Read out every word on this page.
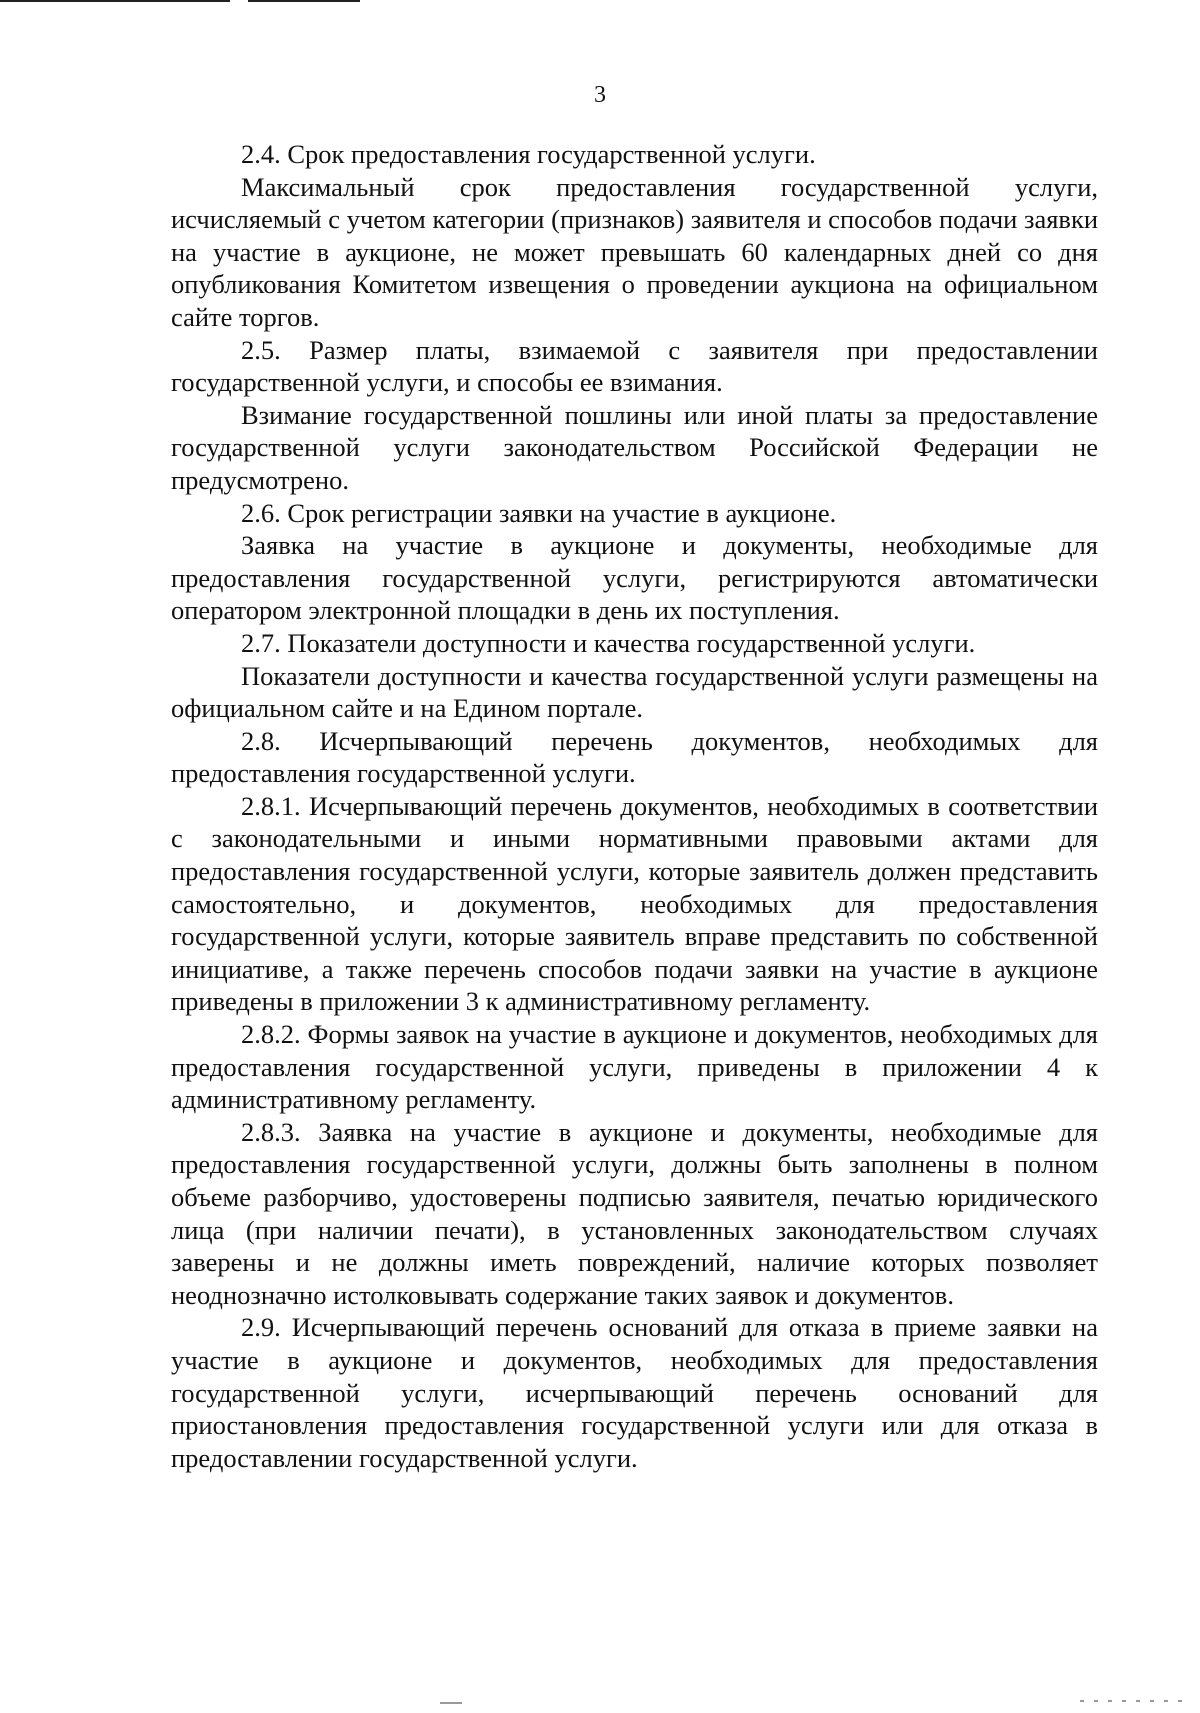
3

2.4. Срок предоставления государственной услуги.

Максимальный срок предоставления государственной услуги, исчисляемый с учетом категории (признаков) заявителя и способов подачи заявки на участие в аукционе, не может превышать 60 календарных дней со дня опубликования Комитетом извещения о проведении аукциона на официальном сайте торгов.

2.5. Размер платы, взимаемой с заявителя при предоставлении государственной услуги, и способы ее взимания.

Взимание государственной пошлины или иной платы за предоставление государственной услуги законодательством Российской Федерации не предусмотрено.

2.6. Срок регистрации заявки на участие в аукционе.

Заявка на участие в аукционе и документы, необходимые для предоставления государственной услуги, регистрируются автоматически оператором электронной площадки в день их поступления.

2.7. Показатели доступности и качества государственной услуги.

Показатели доступности и качества государственной услуги размещены на официальном сайте и на Едином портале.

2.8. Исчерпывающий перечень документов, необходимых для предоставления государственной услуги.

2.8.1. Исчерпывающий перечень документов, необходимых в соответствии с законодательными и иными нормативными правовыми актами для предоставления государственной услуги, которые заявитель должен представить самостоятельно, и документов, необходимых для предоставления государственной услуги, которые заявитель вправе представить по собственной инициативе, а также перечень способов подачи заявки на участие в аукционе приведены в приложении 3 к административному регламенту.

2.8.2. Формы заявок на участие в аукционе и документов, необходимых для предоставления государственной услуги, приведены в приложении 4 к административному регламенту.

2.8.3. Заявка на участие в аукционе и документы, необходимые для предоставления государственной услуги, должны быть заполнены в полном объеме разборчиво, удостоверены подписью заявителя, печатью юридического лица (при наличии печати), в установленных законодательством случаях заверены и не должны иметь повреждений, наличие которых позволяет неоднозначно истолковывать содержание таких заявок и документов.

2.9. Исчерпывающий перечень оснований для отказа в приеме заявки на участие в аукционе и документов, необходимых для предоставления государственной услуги, исчерпывающий перечень оснований для приостановления предоставления государственной услуги или для отказа в предоставлении государственной услуги.
